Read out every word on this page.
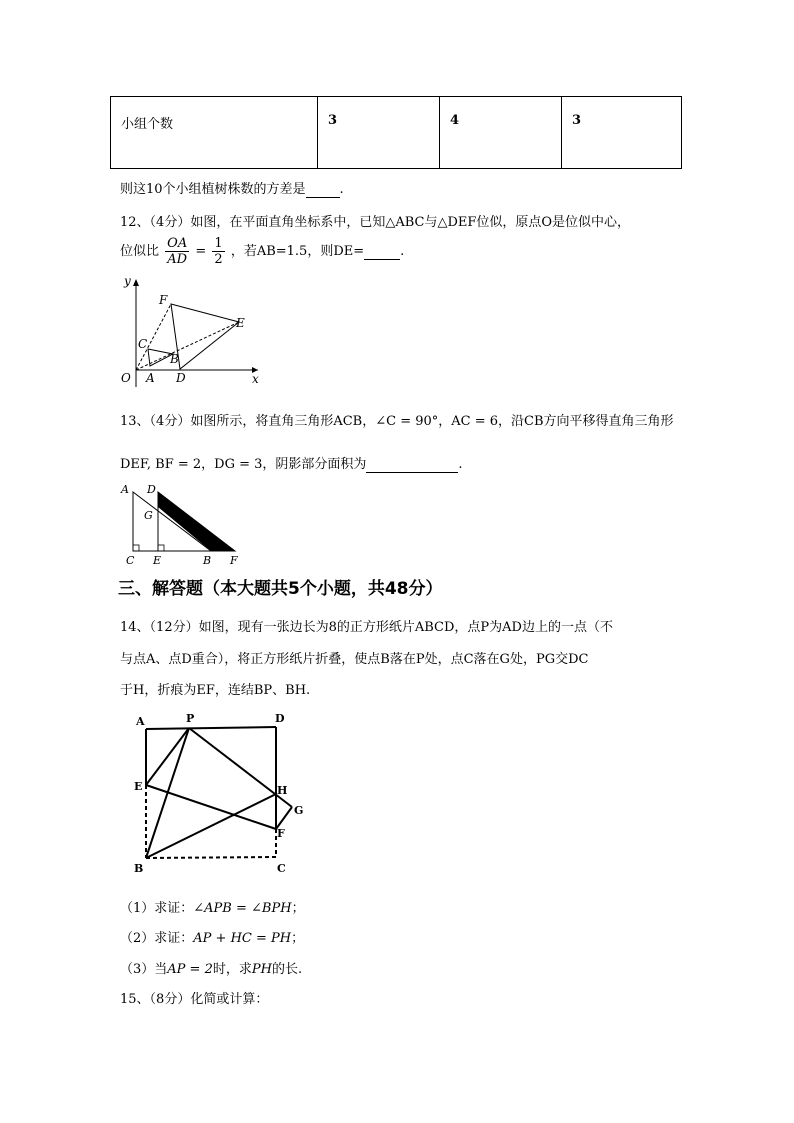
小组个数	3	4	3
则这10个小组植树株数的方差是	.
12、（4分）如图，在平面直角坐标系中，已知△ABC与△DEF位似，原点O是位似中心，
位似比 $\frac{OA}{AD} = \frac{1}{2}$ ，若AB=1.5，则DE=	.
y
x
O A
B
C
D
E
F
13、（4分）如图所示，将直角三角形ACB，∠C = 90°，AC = 6，沿CB方向平移得直角三角形
DEF, BF = 2，DG = 3，阴影部分面积为	.
A D
G
C E	B F
三、解答题（本大题共5个小题，共48分）
14、（12分）如图，现有一张边长为8的正方形纸片ABCD，点P为AD边上的一点（不
与点A、点D重合），将正方形纸片折叠，使点B落在P处，点C落在G处，PG交DC
于H，折痕为EF，连结BP、BH.
A	P	D
E	H
G
F
B	C
（1）求证：∠APB = ∠BPH；
（2）求证：AP + HC = PH；
（3）当AP = 2时，求PH的长.
15、（8分）化简或计算：
